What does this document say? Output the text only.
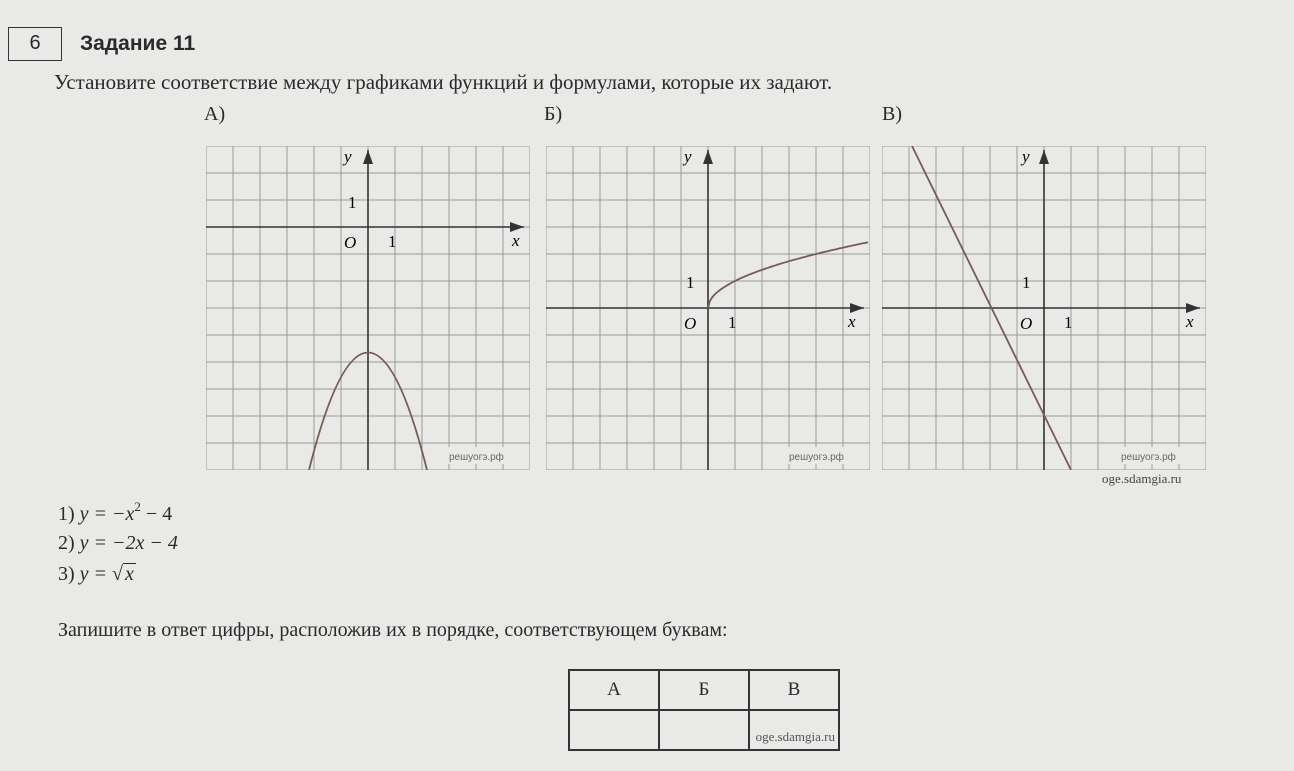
6	Задание 11
Установите соответствие между графиками функций и формулами, которые их задают.
А)	Б)	В)
y
x
O 1
1
решуогэ.рф
y
x
O 1
1
решуогэ.рф
y
x
O 1
1
решуогэ.рф
oge.sdamgia.ru
1) $y = -x^2 - 4$
2) y = −2x − 4
3) y = √ x
Запишите в ответ цифры, расположив их в порядке, соответствующем буквам:
А	Б	В

		oge.sdamgia.ru
